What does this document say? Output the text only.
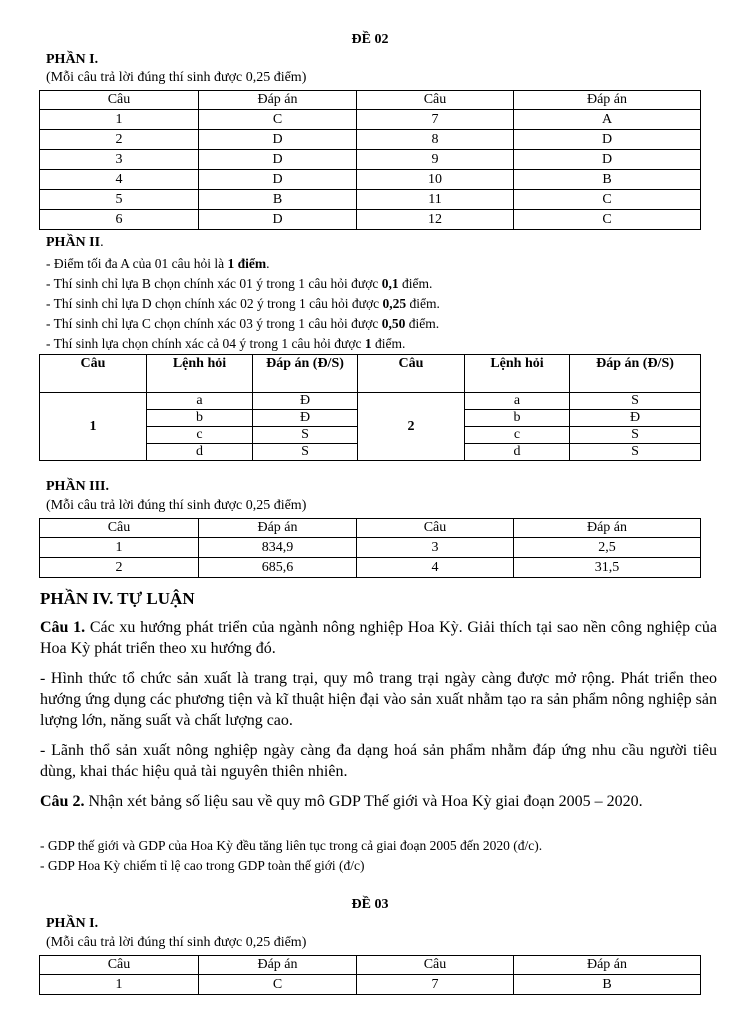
ĐỀ 02
PHẦN I.
(Mỗi câu trả lời đúng thí sinh được 0,25 điểm)
Câu	Đáp án	Câu	Đáp án
1	C	7	A
2	D	8	D
3	D	9	D
4	D	10	B
5	B	11	C
6	D	12	C
PHẦN II.
- Điểm tối đa A của 01 câu hỏi là 1 điểm.
- Thí sinh chỉ lựa B chọn chính xác 01 ý trong 1 câu hỏi được 0,1 điểm.
- Thí sinh chỉ lựa D chọn chính xác 02 ý trong 1 câu hỏi được 0,25 điểm.
- Thí sinh chỉ lựa C chọn chính xác 03 ý trong 1 câu hỏi được 0,50 điểm.
- Thí sinh lựa chọn chính xác cả 04 ý trong 1 câu hỏi được 1 điểm.
Câu	Lệnh hỏi	Đáp án (Đ/S)	Câu	Lệnh hỏi	Đáp án (Đ/S)
1	a	Đ	2	a	S
	b	Đ		b	Đ
	c	S		c	S
	d	S		d	S
PHẦN III.
(Mỗi câu trả lời đúng thí sinh được 0,25 điểm)
Câu	Đáp án	Câu	Đáp án
1	834,9	3	2,5
2	685,6	4	31,5
PHẦN IV. TỰ LUẬN
Câu 1. Các xu hướng phát triển của ngành nông nghiệp Hoa Kỳ. Giải thích tại sao nền công nghiệp của Hoa Kỳ phát triển theo xu hướng đó.
- Hình thức tổ chức sản xuất là trang trại, quy mô trang trại ngày càng được mở rộng. Phát triển theo hướng ứng dụng các phương tiện và kĩ thuật hiện đại vào sản xuất nhằm tạo ra sản phẩm nông nghiệp sản lượng lớn, năng suất và chất lượng cao.
- Lãnh thổ sản xuất nông nghiệp ngày càng đa dạng hoá sản phẩm nhằm đáp ứng nhu cầu người tiêu dùng, khai thác hiệu quả tài nguyên thiên nhiên.
Câu 2. Nhận xét bảng số liệu sau về quy mô GDP Thế giới và Hoa Kỳ giai đoạn 2005 – 2020.
- GDP thế giới và GDP của Hoa Kỳ đều tăng liên tục trong cả giai đoạn 2005 đến 2020 (đ/c).
- GDP Hoa Kỳ chiếm tỉ lệ cao trong GDP toàn thế giới (đ/c)
ĐỀ 03
PHẦN I.
(Mỗi câu trả lời đúng thí sinh được 0,25 điểm)
Câu	Đáp án	Câu	Đáp án
1	C	7	B
